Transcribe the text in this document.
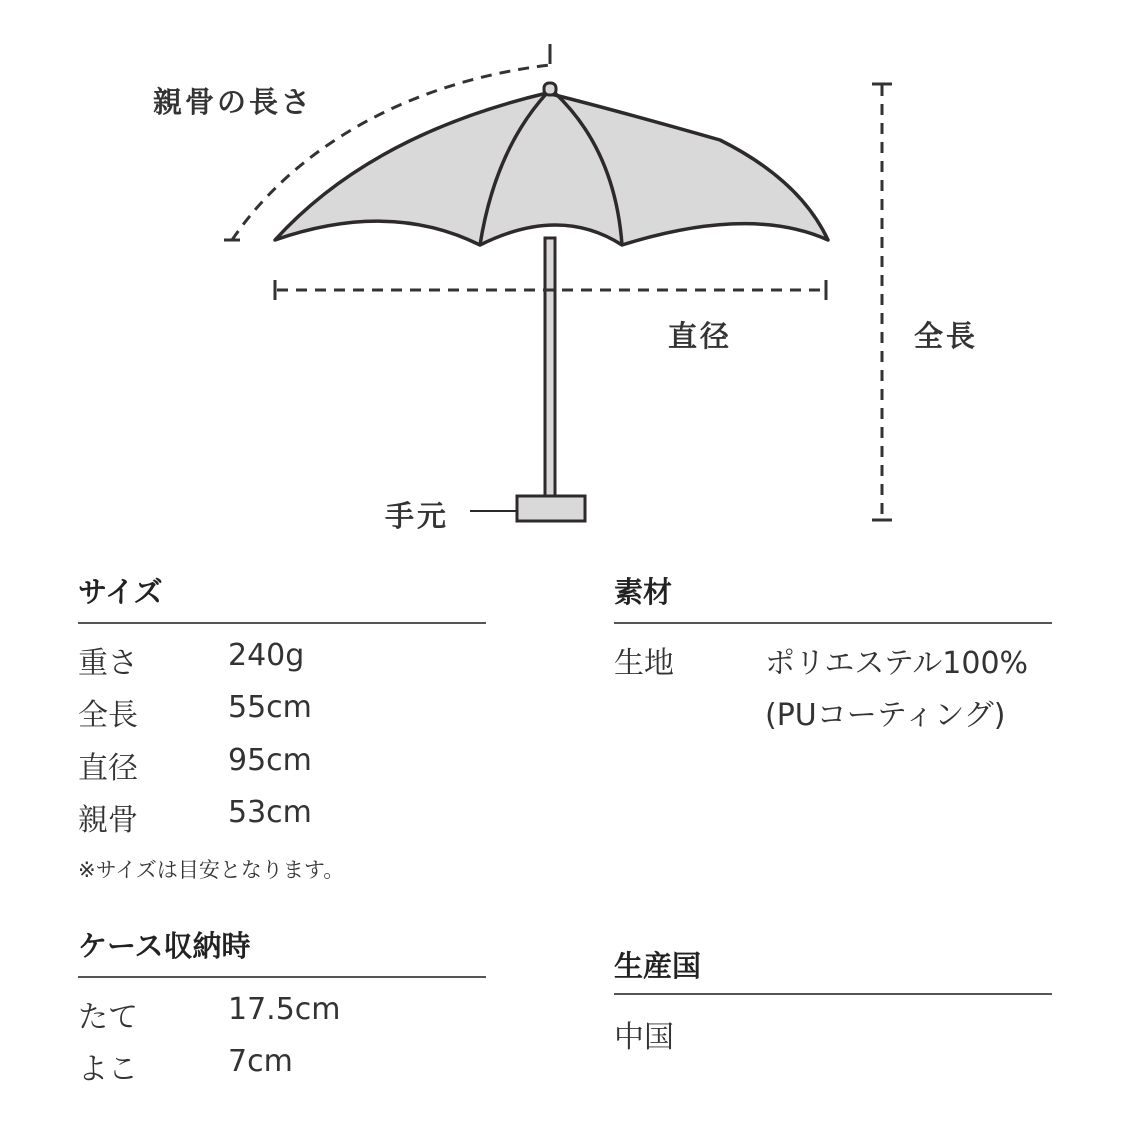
親骨の長さ
直径	全長
手元
サイズ
重さ	240g
全長	55cm
直径	95cm
親骨	53cm
※サイズは目安となります。
ケース収納時
たて	17.5cm
よこ	7cm
素材
生地	ポリエステル100%
(PUコーティング)
生産国
中国
